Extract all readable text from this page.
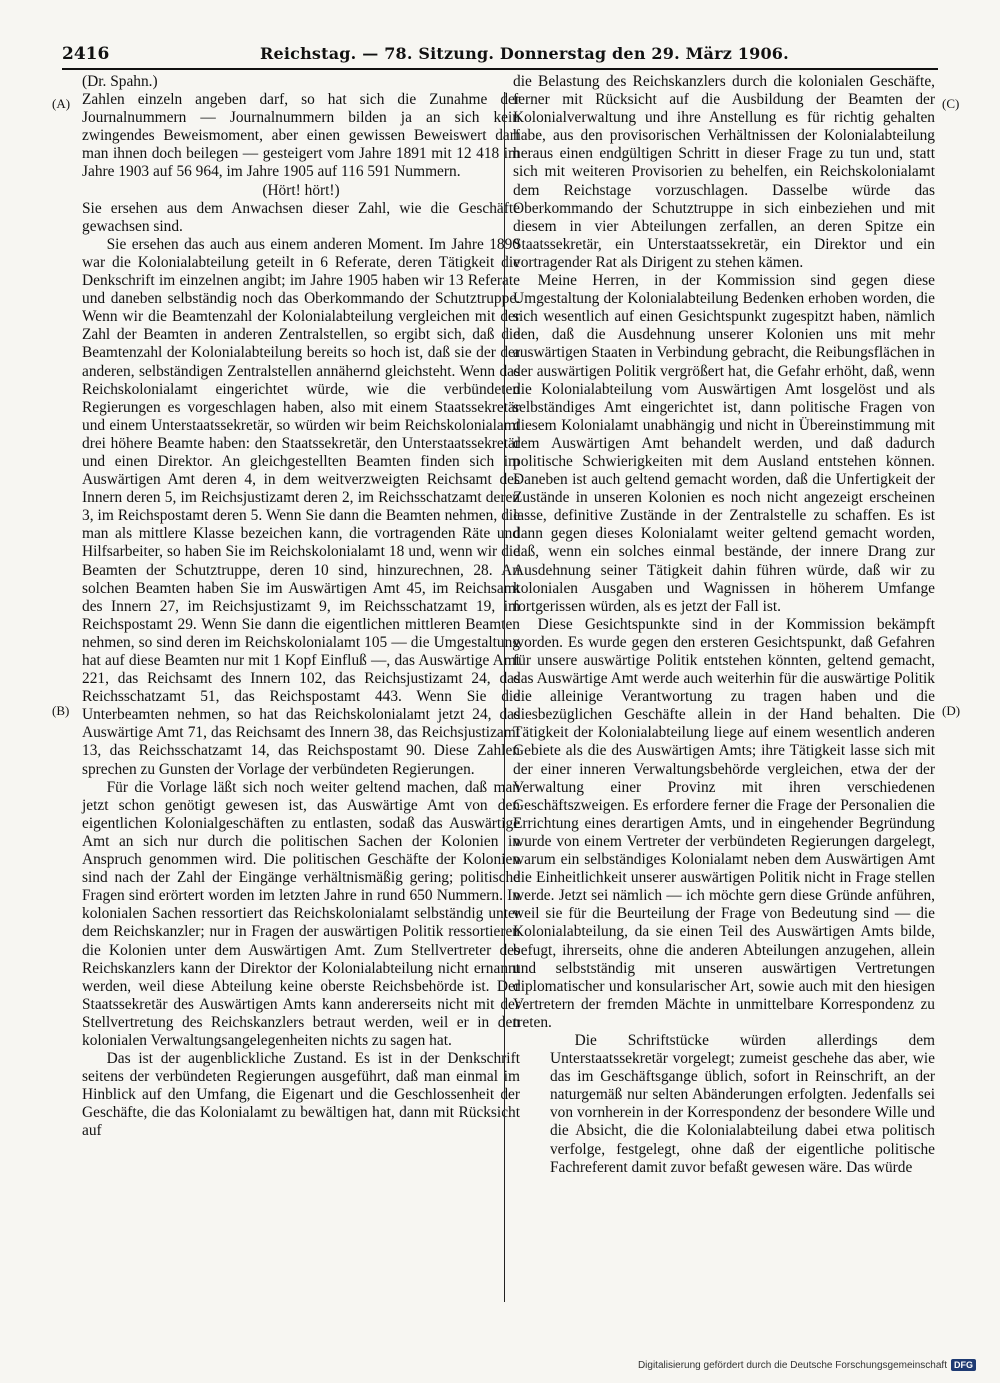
2416	Reichstag. — 78. Sitzung. Donnerstag den 29. März 1906.
(A)
(B)
(C)
(D)

(Dr. Spahn.)

Zahlen einzeln angeben darf, so hat sich die Zunahme der Journalnummern — Journalnummern bilden ja an sich kein zwingendes Beweismoment, aber einen gewissen Beweiswert darf man ihnen doch beilegen — gesteigert vom Jahre 1891 mit 12 418 im Jahre 1903 auf 56 964, im Jahre 1905 auf 116 591 Nummern.

(Hört! hört!)

Sie ersehen aus dem Anwachsen dieser Zahl, wie die Geschäfte gewachsen sind.

Sie ersehen das auch aus einem anderen Moment. Im Jahre 1890 war die Kolonialabteilung geteilt in 6 Referate, deren Tätigkeit die Denkschrift im einzelnen angibt; im Jahre 1905 haben wir 13 Referate und daneben selbständig noch das Oberkommando der Schutztruppe. Wenn wir die Beamtenzahl der Kolonialabteilung vergleichen mit der Zahl der Beamten in anderen Zentralstellen, so ergibt sich, daß die Beamtenzahl der Kolonialabteilung bereits so hoch ist, daß sie der der anderen, selbständigen Zentralstellen annähernd gleichsteht. Wenn das Reichskolonialamt eingerichtet würde, wie die verbündeten Regierungen es vorgeschlagen haben, also mit einem Staatssekretär und einem Unterstaatssekretär, so würden wir beim Reichskolonialamt drei höhere Beamte haben: den Staatssekretär, den Unterstaatssekretär und einen Direktor. An gleichgestellten Beamten finden sich im Auswärtigen Amt deren 4, in dem weitverzweigten Reichsamt des Innern deren 5, im Reichsjustizamt deren 2, im Reichsschatzamt deren 3, im Reichspostamt deren 5. Wenn Sie dann die Beamten nehmen, die man als mittlere Klasse bezeichen kann, die vortragenden Räte und Hilfsarbeiter, so haben Sie im Reichskolonialamt 18 und, wenn wir die Beamten der Schutztruppe, deren 10 sind, hinzurechnen, 28. An solchen Beamten haben Sie im Auswärtigen Amt 45, im Reichsamt des Innern 27, im Reichsjustizamt 9, im Reichsschatzamt 19, im Reichspostamt 29. Wenn Sie dann die eigentlichen mittleren Beamten nehmen, so sind deren im Reichskolonialamt 105 — die Umgestaltung hat auf diese Beamten nur mit 1 Kopf Einfluß —, das Auswärtige Amt 221, das Reichsamt des Innern 102, das Reichsjustizamt 24, das Reichsschatzamt 51, das Reichspostamt 443. Wenn Sie die Unterbeamten nehmen, so hat das Reichskolonialamt jetzt 24, das Auswärtige Amt 71, das Reichsamt des Innern 38, das Reichsjustizamt 13, das Reichsschatzamt 14, das Reichspostamt 90. Diese Zahlen sprechen zu Gunsten der Vorlage der verbündeten Regierungen.

Für die Vorlage läßt sich noch weiter geltend machen, daß man jetzt schon genötigt gewesen ist, das Auswärtige Amt von den eigentlichen Kolonialgeschäften zu entlasten, sodaß das Auswärtige Amt an sich nur durch die politischen Sachen der Kolonien in Anspruch genommen wird. Die politischen Geschäfte der Kolonien sind nach der Zahl der Eingänge verhältnismäßig gering; politische Fragen sind erörtert worden im letzten Jahre in rund 650 Nummern. In kolonialen Sachen ressortiert das Reichskolonialamt selbständig unter dem Reichskanzler; nur in Fragen der auswärtigen Politik ressortieren die Kolonien unter dem Auswärtigen Amt. Zum Stellvertreter des Reichskanzlers kann der Direktor der Kolonialabteilung nicht ernannt werden, weil diese Abteilung keine oberste Reichsbehörde ist. Der Staatssekretär des Auswärtigen Amts kann andererseits nicht mit der Stellvertretung des Reichskanzlers betraut werden, weil er in den kolonialen Verwaltungsangelegenheiten nichts zu sagen hat.

Das ist der augenblickliche Zustand. Es ist in der Denkschrift seitens der verbündeten Regierungen ausgeführt, daß man einmal im Hinblick auf den Umfang, die Eigenart und die Geschlossenheit der Geschäfte, die das Kolonialamt zu bewältigen hat, dann mit Rücksicht auf

die Belastung des Reichskanzlers durch die kolonialen Geschäfte, ferner mit Rücksicht auf die Ausbildung der Beamten der Kolonialverwaltung und ihre Anstellung es für richtig gehalten habe, aus den provisorischen Verhältnissen der Kolonialabteilung heraus einen endgültigen Schritt in dieser Frage zu tun und, statt sich mit weiteren Provisorien zu behelfen, ein Reichskolonialamt dem Reichstage vorzuschlagen. Dasselbe würde das Oberkommando der Schutztruppe in sich einbeziehen und mit diesem in vier Abteilungen zerfallen, an deren Spitze ein Staatssekretär, ein Unterstaatssekretär, ein Direktor und ein vortragender Rat als Dirigent zu stehen kämen.

Meine Herren, in der Kommission sind gegen diese Umgestaltung der Kolonialabteilung Bedenken erhoben worden, die sich wesentlich auf einen Gesichtspunkt zugespitzt haben, nämlich den, daß die Ausdehnung unserer Kolonien uns mit mehr auswärtigen Staaten in Verbindung gebracht, die Reibungsflächen in der auswärtigen Politik vergrößert hat, die Gefahr erhöht, daß, wenn die Kolonialabteilung vom Auswärtigen Amt losgelöst und als selbständiges Amt eingerichtet ist, dann politische Fragen von diesem Kolonialamt unabhängig und nicht in Übereinstimmung mit dem Auswärtigen Amt behandelt werden, und daß dadurch politische Schwierigkeiten mit dem Ausland entstehen können. Daneben ist auch geltend gemacht worden, daß die Unfertigkeit der Zustände in unseren Kolonien es noch nicht angezeigt erscheinen lasse, definitive Zustände in der Zentralstelle zu schaffen. Es ist dann gegen dieses Kolonialamt weiter geltend gemacht worden, daß, wenn ein solches einmal bestände, der innere Drang zur Ausdehnung seiner Tätigkeit dahin führen würde, daß wir zu kolonialen Ausgaben und Wagnissen in höherem Umfange fortgerissen würden, als es jetzt der Fall ist.

Diese Gesichtspunkte sind in der Kommission bekämpft worden. Es wurde gegen den ersteren Gesichtspunkt, daß Gefahren für unsere auswärtige Politik entstehen könnten, geltend gemacht, das Auswärtige Amt werde auch weiterhin für die auswärtige Politik die alleinige Verantwortung zu tragen haben und die diesbezüglichen Geschäfte allein in der Hand behalten. Die Tätigkeit der Kolonialabteilung liege auf einem wesentlich anderen Gebiete als die des Auswärtigen Amts; ihre Tätigkeit lasse sich mit der einer inneren Verwaltungsbehörde vergleichen, etwa der der Verwaltung einer Provinz mit ihren verschiedenen Geschäftszweigen. Es erfordere ferner die Frage der Personalien die Errichtung eines derartigen Amts, und in eingehender Begründung wurde von einem Vertreter der verbündeten Regierungen dargelegt, warum ein selbständiges Kolonialamt neben dem Auswärtigen Amt die Einheitlichkeit unserer auswärtigen Politik nicht in Frage stellen werde. Jetzt sei nämlich — ich möchte gern diese Gründe anführen, weil sie für die Beurteilung der Frage von Bedeutung sind — die Kolonialabteilung, da sie einen Teil des Auswärtigen Amts bilde, befugt, ihrerseits, ohne die anderen Abteilungen anzugehen, allein und selbstständig mit unseren auswärtigen Vertretungen diplomatischer und konsularischer Art, sowie auch mit den hiesigen Vertretern der fremden Mächte in unmittelbare Korrespondenz zu treten.

Die Schriftstücke würden allerdings dem Unterstaatssekretär vorgelegt; zumeist geschehe das aber, wie das im Geschäftsgange üblich, sofort in Reinschrift, an der naturgemäß nur selten Abänderungen erfolgten. Jedenfalls sei von vornherein in der Korrespondenz der besondere Wille und die Absicht, die die Kolonialabteilung dabei etwa politisch verfolge, festgelegt, ohne daß der eigentliche politische Fachreferent damit zuvor befaßt gewesen wäre. Das würde

Digitalisierung gefördert durch die Deutsche Forschungsgemeinschaft DFG
